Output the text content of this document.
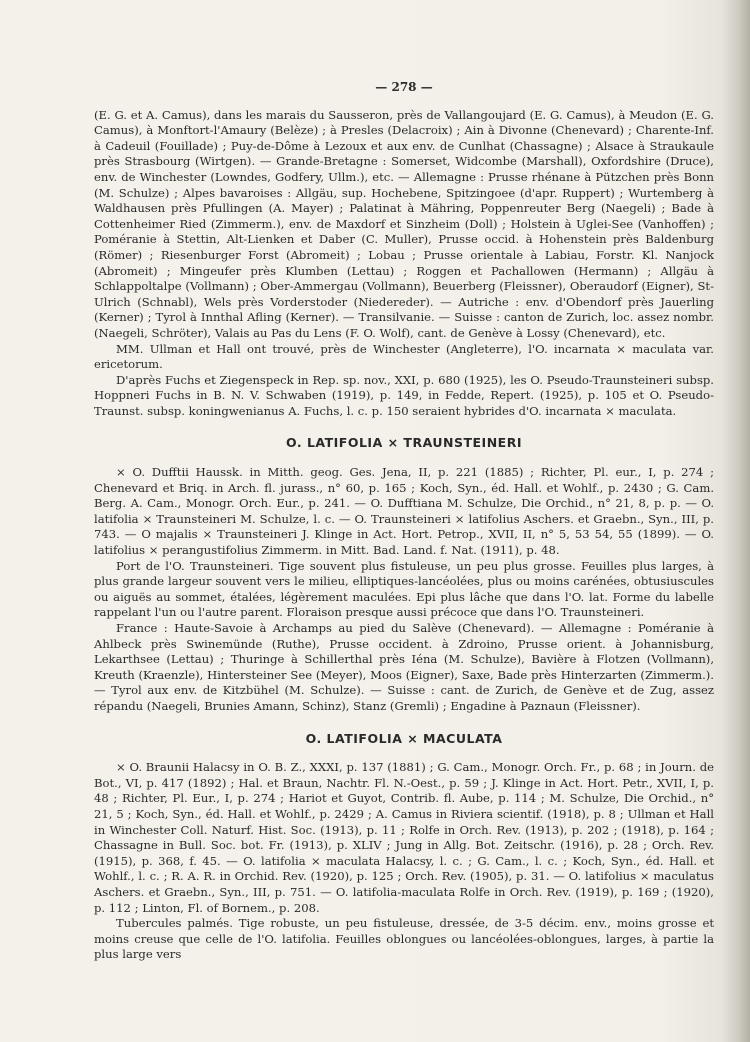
— 278 —

(E. G. et A. Camus), dans les marais du Sausseron, près de Vallangoujard (E. G. Camus), à Meudon (E. G. Camus), à Monftort-l'Amaury (Belèze) ; à Presles (Delacroix) ; Ain à Divonne (Chenevard) ; Charente-Inf. à Cadeuil (Fouillade) ; Puy-de-Dôme à Lezoux et aux env. de Cunlhat (Chassagne) ; Alsace à Straukaule près Strasbourg (Wirtgen). — Grande-Bretagne : Somerset, Widcombe (Marshall), Oxfordshire (Druce), env. de Winchester (Lowndes, Godfery, Ullm.), etc. — Allemagne : Prusse rhénane à Pützchen près Bonn (M. Schulze) ; Alpes bavaroises : Allgäu, sup. Hochebene, Spitzingoee (d'apr. Ruppert) ; Wurtemberg à Waldhausen près Pfullingen (A. Mayer) ; Palatinat à Mähring, Poppenreuter Berg (Naegeli) ; Bade à Cottenheimer Ried (Zimmerm.), env. de Maxdorf et Sinzheim (Doll) ; Holstein à Uglei-See (Vanhoffen) ; Poméranie à Stettin, Alt-Lienken et Daber (C. Muller), Prusse occid. à Hohenstein près Baldenburg (Römer) ; Riesenburger Forst (Abromeit) ; Lobau ; Prusse orientale à Labiau, Forstr. Kl. Nanjock (Abromeit) ; Mingeufer près Klumben (Lettau) ; Roggen et Pachallowen (Hermann) ; Allgäu à Schlappoltalpe (Vollmann) ; Ober-Ammergau (Vollmann), Beuerberg (Fleissner), Oberaudorf (Eigner), St-Ulrich (Schnabl), Wels près Vorderstoder (Niedereder). — Autriche : env. d'Obendorf près Jauerling (Kerner) ; Tyrol à Innthal Afling (Kerner). — Transilvanie. — Suisse : canton de Zurich, loc. assez nombr. (Naegeli, Schröter), Valais au Pas du Lens (F. O. Wolf), cant. de Genève à Lossy (Chenevard), etc.

MM. Ullman et Hall ont trouvé, près de Winchester (Angleterre), l'O. incarnata × maculata var. ericetorum.

D'après Fuchs et Ziegenspeck in Rep. sp. nov., XXI, p. 680 (1925), les O. Pseudo-Traunsteineri subsp. Hoppneri Fuchs in B. N. V. Schwaben (1919), p. 149, in Fedde, Repert. (1925), p. 105 et O. Pseudo-Traunst. subsp. koningwenianus A. Fuchs, l. c. p. 150 seraient hybrides d'O. incarnata × maculata.

O. LATIFOLIA × TRAUNSTEINERI

× O. Dufftii Haussk. in Mitth. geog. Ges. Jena, II, p. 221 (1885) ; Richter, Pl. eur., I, p. 274 ; Chenevard et Briq. in Arch. fl. jurass., n° 60, p. 165 ; Koch, Syn., éd. Hall. et Wohlf., p. 2430 ; G. Cam. Berg. A. Cam., Monogr. Orch. Eur., p. 241. — O. Dufftiana M. Schulze, Die Orchid., n° 21, 8, p. p. — O. latifolia × Traunsteineri M. Schulze, l. c. — O. Traunsteineri × latifolius Aschers. et Graebn., Syn., III, p. 743. — O majalis × Traunsteineri J. Klinge in Act. Hort. Petrop., XVII, II, n° 5, 53 54, 55 (1899). — O. latifolius × perangustifolius Zimmerm. in Mitt. Bad. Land. f. Nat. (1911), p. 48.

Port de l'O. Traunsteineri. Tige souvent plus fistuleuse, un peu plus grosse. Feuilles plus larges, à plus grande largeur souvent vers le milieu, elliptiques-lancéolées, plus ou moins carénées, obtusiuscules ou aiguës au sommet, étalées, légèrement maculées. Epi plus lâche que dans l'O. lat. Forme du labelle rappelant l'un ou l'autre parent. Floraison presque aussi précoce que dans l'O. Traunsteineri.

France : Haute-Savoie à Archamps au pied du Salève (Chenevard). — Allemagne : Poméranie à Ahlbeck près Swinemünde (Ruthe), Prusse occident. à Zdroino, Prusse orient. à Johannisburg, Lekarthsee (Lettau) ; Thuringe à Schillerthal près Iéna (M. Schulze), Bavière à Flotzen (Vollmann), Kreuth (Kraenzle), Hintersteiner See (Meyer), Moos (Eigner), Saxe, Bade près Hinterzarten (Zimmerm.). — Tyrol aux env. de Kitzbühel (M. Schulze). — Suisse : cant. de Zurich, de Genève et de Zug, assez répandu (Naegeli, Brunies Amann, Schinz), Stanz (Gremli) ; Engadine à Paznaun (Fleissner).

O. LATIFOLIA × MACULATA

× O. Braunii Halacsy in O. B. Z., XXXI, p. 137 (1881) ; G. Cam., Monogr. Orch. Fr., p. 68 ; in Journ. de Bot., VI, p. 417 (1892) ; Hal. et Braun, Nachtr. Fl. N.-Oest., p. 59 ; J. Klinge in Act. Hort. Petr., XVII, I, p. 48 ; Richter, Pl. Eur., I, p. 274 ; Hariot et Guyot, Contrib. fl. Aube, p. 114 ; M. Schulze, Die Orchid., n° 21, 5 ; Koch, Syn., éd. Hall. et Wohlf., p. 2429 ; A. Camus in Riviera scientif. (1918), p. 8 ; Ullman et Hall in Winchester Coll. Naturf. Hist. Soc. (1913), p. 11 ; Rolfe in Orch. Rev. (1913), p. 202 ; (1918), p. 164 ; Chassagne in Bull. Soc. bot. Fr. (1913), p. XLIV ; Jung in Allg. Bot. Zeitschr. (1916), p. 28 ; Orch. Rev. (1915), p. 368, f. 45. — O. latifolia × maculata Halacsy, l. c. ; G. Cam., l. c. ; Koch, Syn., éd. Hall. et Wohlf., l. c. ; R. A. R. in Orchid. Rev. (1920), p. 125 ; Orch. Rev. (1905), p. 31. — O. latifolius × maculatus Aschers. et Graebn., Syn., III, p. 751. — O. latifolia-maculata Rolfe in Orch. Rev. (1919), p. 169 ; (1920), p. 112 ; Linton, Fl. of Bornem., p. 208.

Tubercules palmés. Tige robuste, un peu fistuleuse, dressée, de 3-5 décim. env., moins grosse et moins creuse que celle de l'O. latifolia. Feuilles oblongues ou lancéolées-oblongues, larges, à partie la plus large vers
